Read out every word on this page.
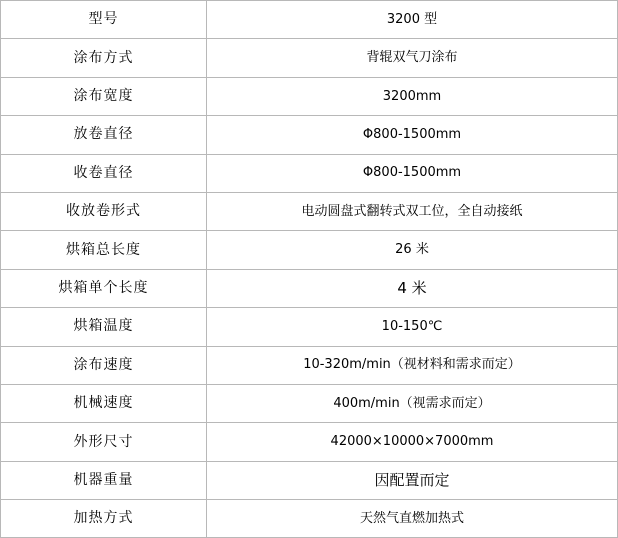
型号	3200 型
涂布方式	背辊双气刀涂布
涂布宽度	3200mm
放卷直径	Φ800-1500mm
收卷直径	Φ800-1500mm
收放卷形式	电动圆盘式翻转式双工位，全自动接纸
烘箱总长度	26 米
烘箱单个长度	4 米
烘箱温度	10-150℃
涂布速度	10-320m/min（视材料和需求而定）
机械速度	400m/min（视需求而定）
外形尺寸	42000×10000×7000mm
机器重量	因配置而定
加热方式	天然气直燃加热式
